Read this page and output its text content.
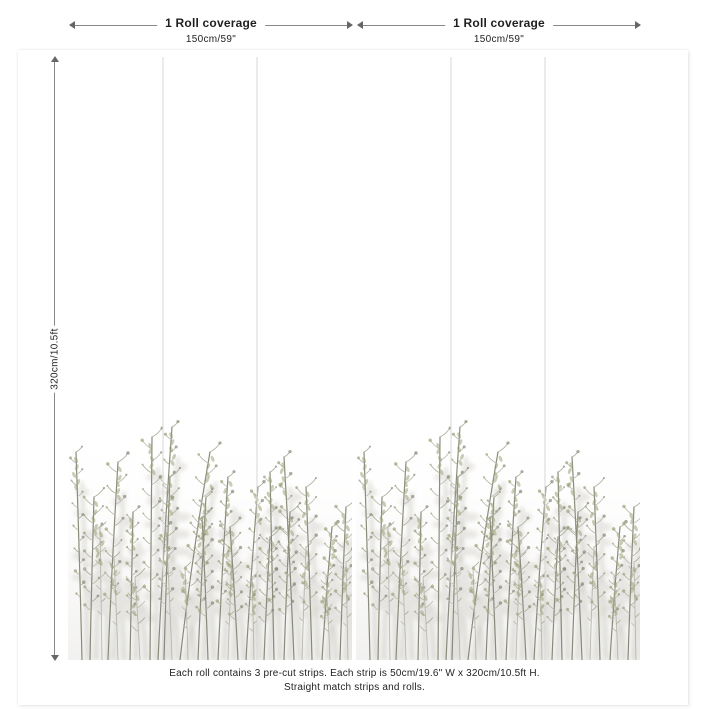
1 Roll coverage
150cm/59"
1 Roll coverage
150cm/59"
320cm/10.5ft
Each roll contains 3 pre-cut strips. Each strip is 50cm/19.6" W x 320cm/10.5ft H.
Straight match strips and rolls.
